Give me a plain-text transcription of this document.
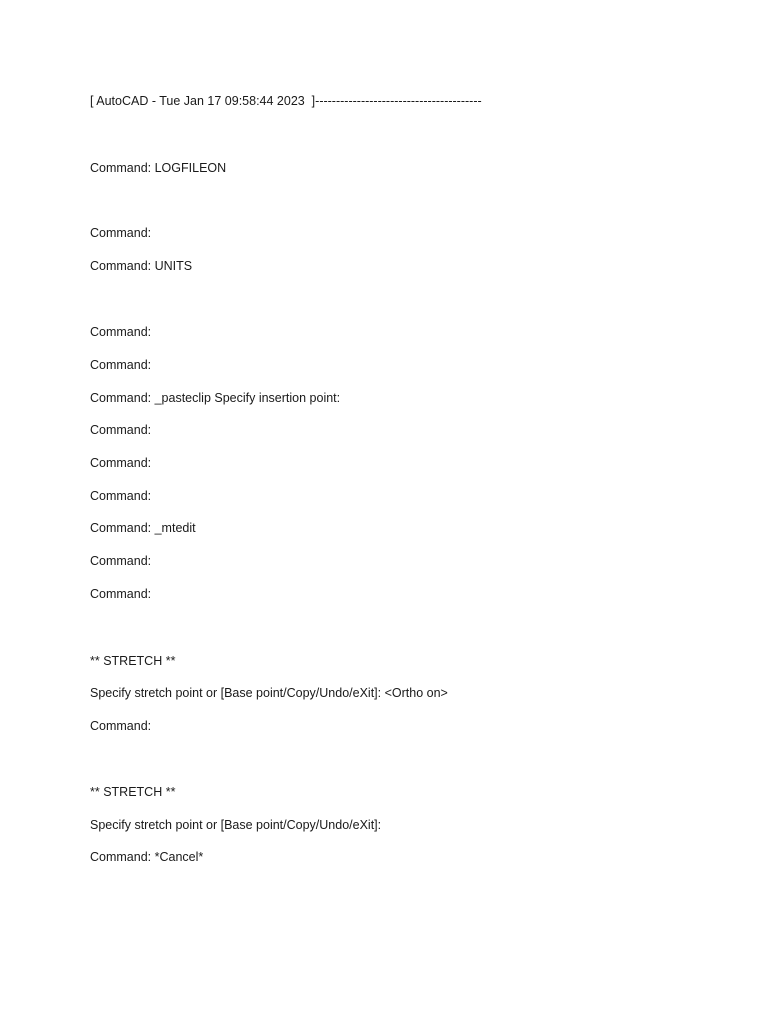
[ AutoCAD - Tue Jan 17 09:58:44 2023  ]----------------------------------------
Command: LOGFILEON
Command:
Command: UNITS
Command:
Command:
Command: _pasteclip Specify insertion point:
Command:
Command:
Command:
Command: _mtedit
Command:
Command:
** STRETCH **
Specify stretch point or [Base point/Copy/Undo/eXit]: <Ortho on>
Command:
** STRETCH **
Specify stretch point or [Base point/Copy/Undo/eXit]:
Command: *Cancel*
